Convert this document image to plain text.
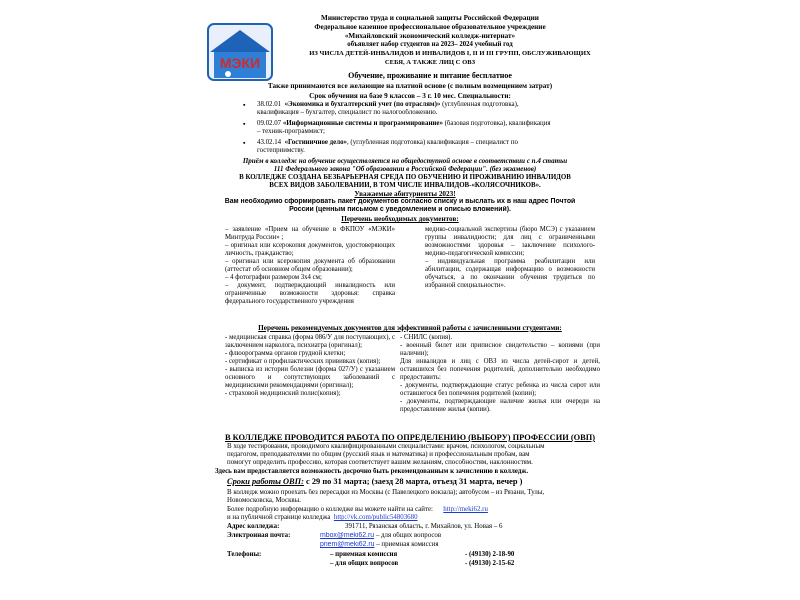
МЭКИ
Министерство труда и социальной защиты Российской Федерации
Федеральное казенное профессиональное образовательное учреждение
«Михайловский экономический колледж-интернат»
объявляет набор студентов на 2023– 2024 учебный год
ИЗ ЧИСЛА ДЕТЕЙ-ИНВАЛИДОВ И ИНВАЛИДОВ I, II И III ГРУПП, ОБСЛУЖИВАЮЩИХ
СЕБЯ, А ТАКЖЕ ЛИЦ С ОВЗ
Обучение, проживание и питание бесплатное
Также принимаются все желающие на платной основе (с полным возмещением затрат)
Срок обучения на базе 9 классов – 3 г. 10 мес. Специальности:
▪ 38.02.01 «Экономика и бухгалтерский учет (по отраслям)» (углубленная подготовка),
квалификация – бухгалтер, специалист по налогообложению.
▪ 09.02.07 «Информационные системы и программирование» (базовая подготовка), квалификация
– техник-программист;
▪ 43.02.14 «Гостиничное дело», (углубленная подготовка) квалификация – специалист по
гостеприимству.
Приём в колледж на обучение осуществляется на общедоступной основе в соответствии с п.4 статьи
111 Федерального закона "Об образовании в Российской Федерации". (без экзаменов)
В КОЛЛЕДЖЕ СОЗДАНА БЕЗБАРЬЕРНАЯ СРЕДА ПО ОБУЧЕНИЮ И ПРОЖИВАНИЮ ИНВАЛИДОВ
ВСЕХ ВИДОВ ЗАБОЛЕВАНИЙ, В ТОМ ЧИСЛЕ ИНВАЛИДОВ-«КОЛЯСОЧНИКОВ».
Уважаемые абитуриенты 2023!
Вам необходимо сформировать пакет документов согласно списку и выслать их в наш адрес Почтой
России (ценным письмом с уведомлением и описью вложений).
Перечень необходимых документов:
– заявление «Прием на обучение в ФКПОУ «МЭКИ» Минтруда России» ;
– оригинал или ксерокопия документов, удостоверяющих личность, гражданство;
– оригинал или ксерокопия документа об образовании (аттестат об основном общем образовании);
– 4 фотографии размером 3х4 см;
– документ, подтверждающий инвалидность или ограниченные возможности здоровья: справка федерального государственного учреждения
медико-социальной экспертизы (бюро МСЭ) с указанием группы инвалидности; для лиц с ограниченными возможностями здоровья – заключение психолого-медико-педагогической комиссии;
– индивидуальная программа реабилитации или абилитации, содержащая информацию о возможности обучаться, а по окончании обучения трудиться по избранной специальности».
Перечень рекомендуемых документов для эффективной работы с зачисленными студентами:
- медицинская справка (форма 086/У для поступающих), с заключением нарколога, психиатра (оригинал);
- флюорограмма органов грудной клетки;
- сертификат о профилактических прививках (копия);
- выписка из истории болезни (форма 027/У) с указанием основного и сопутствующих заболеваний с медицинскими рекомендациями (оригинал);
- страховой медицинский полис(копия);
- СНИЛС (копия).
- военный билет или приписное свидетельство – копиями (при наличии);
Для инвалидов и лиц с ОВЗ из числа детей-сирот и детей, оставшихся без попечения родителей, дополнительно необходимо предоставить:
- документы, подтверждающие статус ребенка из числа сирот или оставшегося без попечения родителей (копии);
- документы, подтверждающие наличие жилья или очереди на предоставление жилья (копии).
В КОЛЛЕДЖЕ ПРОВОДИТСЯ РАБОТА ПО ОПРЕДЕЛЕНИЮ (ВЫБОРУ) ПРОФЕССИИ (ОВП)
В ходе тестирования, проводимого квалифицированными специалистами: врачом, психологом, социальным
педагогом, преподавателями по общим (русский язык и математика) и профессиональным пробам, вам
помогут определить профессию, которая соответствует вашим желаниям, способностям, наклонностям.
Здесь вам предоставляется возможность досрочно быть рекомендованным к зачислению в колледж.
Сроки работы ОВП: с 29 по 31 марта; (заезд 28 марта, отъезд 31 марта, вечер )
В колледж можно проехать без пересадки из Москвы (с Павелецкого вокзала); автобусом – из Рязани, Тулы,
Новомосковска, Москвы.
Более подробную информацию о колледже вы можете найти на сайте: http://meki62.ru
и на публичной странице колледжа http://vk.com/public54803680
Адрес колледжа:	391711, Рязанская область, г. Михайлов, ул. Новая – 6
Электронная почта:	mbox@meki62.ru – для общих вопросов
priem@meki62.ru – приемная комиссия
Телефоны:	– приемная комиссия	- (49130) 2-18-90
– для общих вопросов	- (49130) 2-15-62
